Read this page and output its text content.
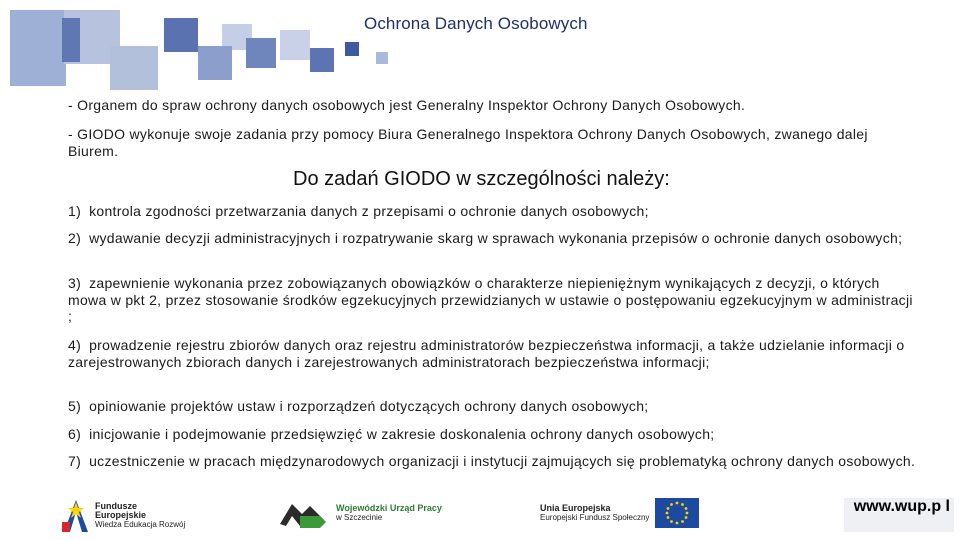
Ochrona Danych Osobowych
- Organem do spraw ochrony danych osobowych jest Generalny Inspektor Ochrony Danych Osobowych.
- GIODO wykonuje swoje zadania przy pomocy Biura Generalnego Inspektora Ochrony Danych Osobowych, zwanego dalej Biurem.
Do zadań GIODO w szczególności należy:
1) kontrola zgodności przetwarzania danych z przepisami o ochronie danych osobowych;
2) wydawanie decyzji administracyjnych i rozpatrywanie skarg w sprawach wykonania przepisów o ochronie danych osobowych;
3) zapewnienie wykonania przez zobowiązanych obowiązków o charakterze niepieniężnym wynikających z decyzji, o których mowa w pkt 2, przez stosowanie środków egzekucyjnych przewidzianych w ustawie o postępowaniu egzekucyjnym w administracji ;
4) prowadzenie rejestru zbiorów danych oraz rejestru administratorów bezpieczeństwa informacji, a także udzielanie informacji o zarejestrowanych zbiorach danych i zarejestrowanych administratorach bezpieczeństwa informacji;
5) opiniowanie projektów ustaw i rozporządzeń dotyczących ochrony danych osobowych;
6) inicjowanie i podejmowanie przedsięwzięć w zakresie doskonalenia ochrony danych osobowych;
7) uczestniczenie w pracach międzynarodowych organizacji i instytucji zajmujących się problematyką ochrony danych osobowych.
Fundusze
Europejskie
Wiedza Edukacja Rozwój
Wojewódzki Urząd Pracy
w Szczecinie
Unia Europejska
Europejski Fundusz Społeczny
www.wup.p l
